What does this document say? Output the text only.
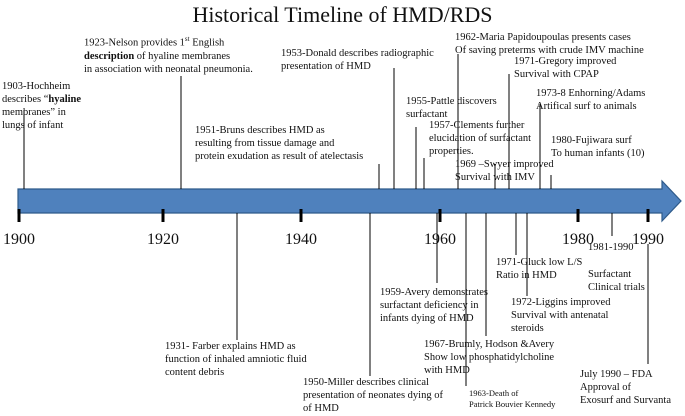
Historical Timeline of HMD/RDS
1900	1920	1940	1960	1980 1990
1903-Hochheim
describes “hyaline
membranes” in
lungs of infant
1923-Nelson provides 1st English
description of hyaline membranes
in association with neonatal pneumonia.
1951-Bruns describes HMD as
resulting from tissue damage and
protein exudation as result of atelectasis
1953-Donald describes radiographic
presentation of HMD
1955-Pattle discovers
surfactant
1957-Clements further
elucidation of surfactant
properties.
1962-Maria Papidoupoulas presents cases
Of saving preterms with crude IMV machine
1971-Gregory improved
Survival with CPAP
1973-8 Enhorning/Adams
Artifical surf to animals
1969 –Swyer improved
Survival with IMV
1980-Fujiwara surf
To human infants (10)
1931- Farber explains HMD as
function of inhaled amniotic fluid
content debris
1950-Miller describes clinical
presentation of neonates dying of
of HMD
1959-Avery demonstrates
surfactant deficiency in
infants dying of HMD
1967-Brumly, Hodson &Avery
Show low phosphatidylcholine
with HMD
1963-Death of
Patrick Bouvier Kennedy
1971-Gluck low L/S
Ratio in HMD
1972-Liggins improved
Survival with antenatal
steroids
1981-1990
Surfactant
Clinical trials
July 1990 – FDA
Approval of
Exosurf and Survanta
